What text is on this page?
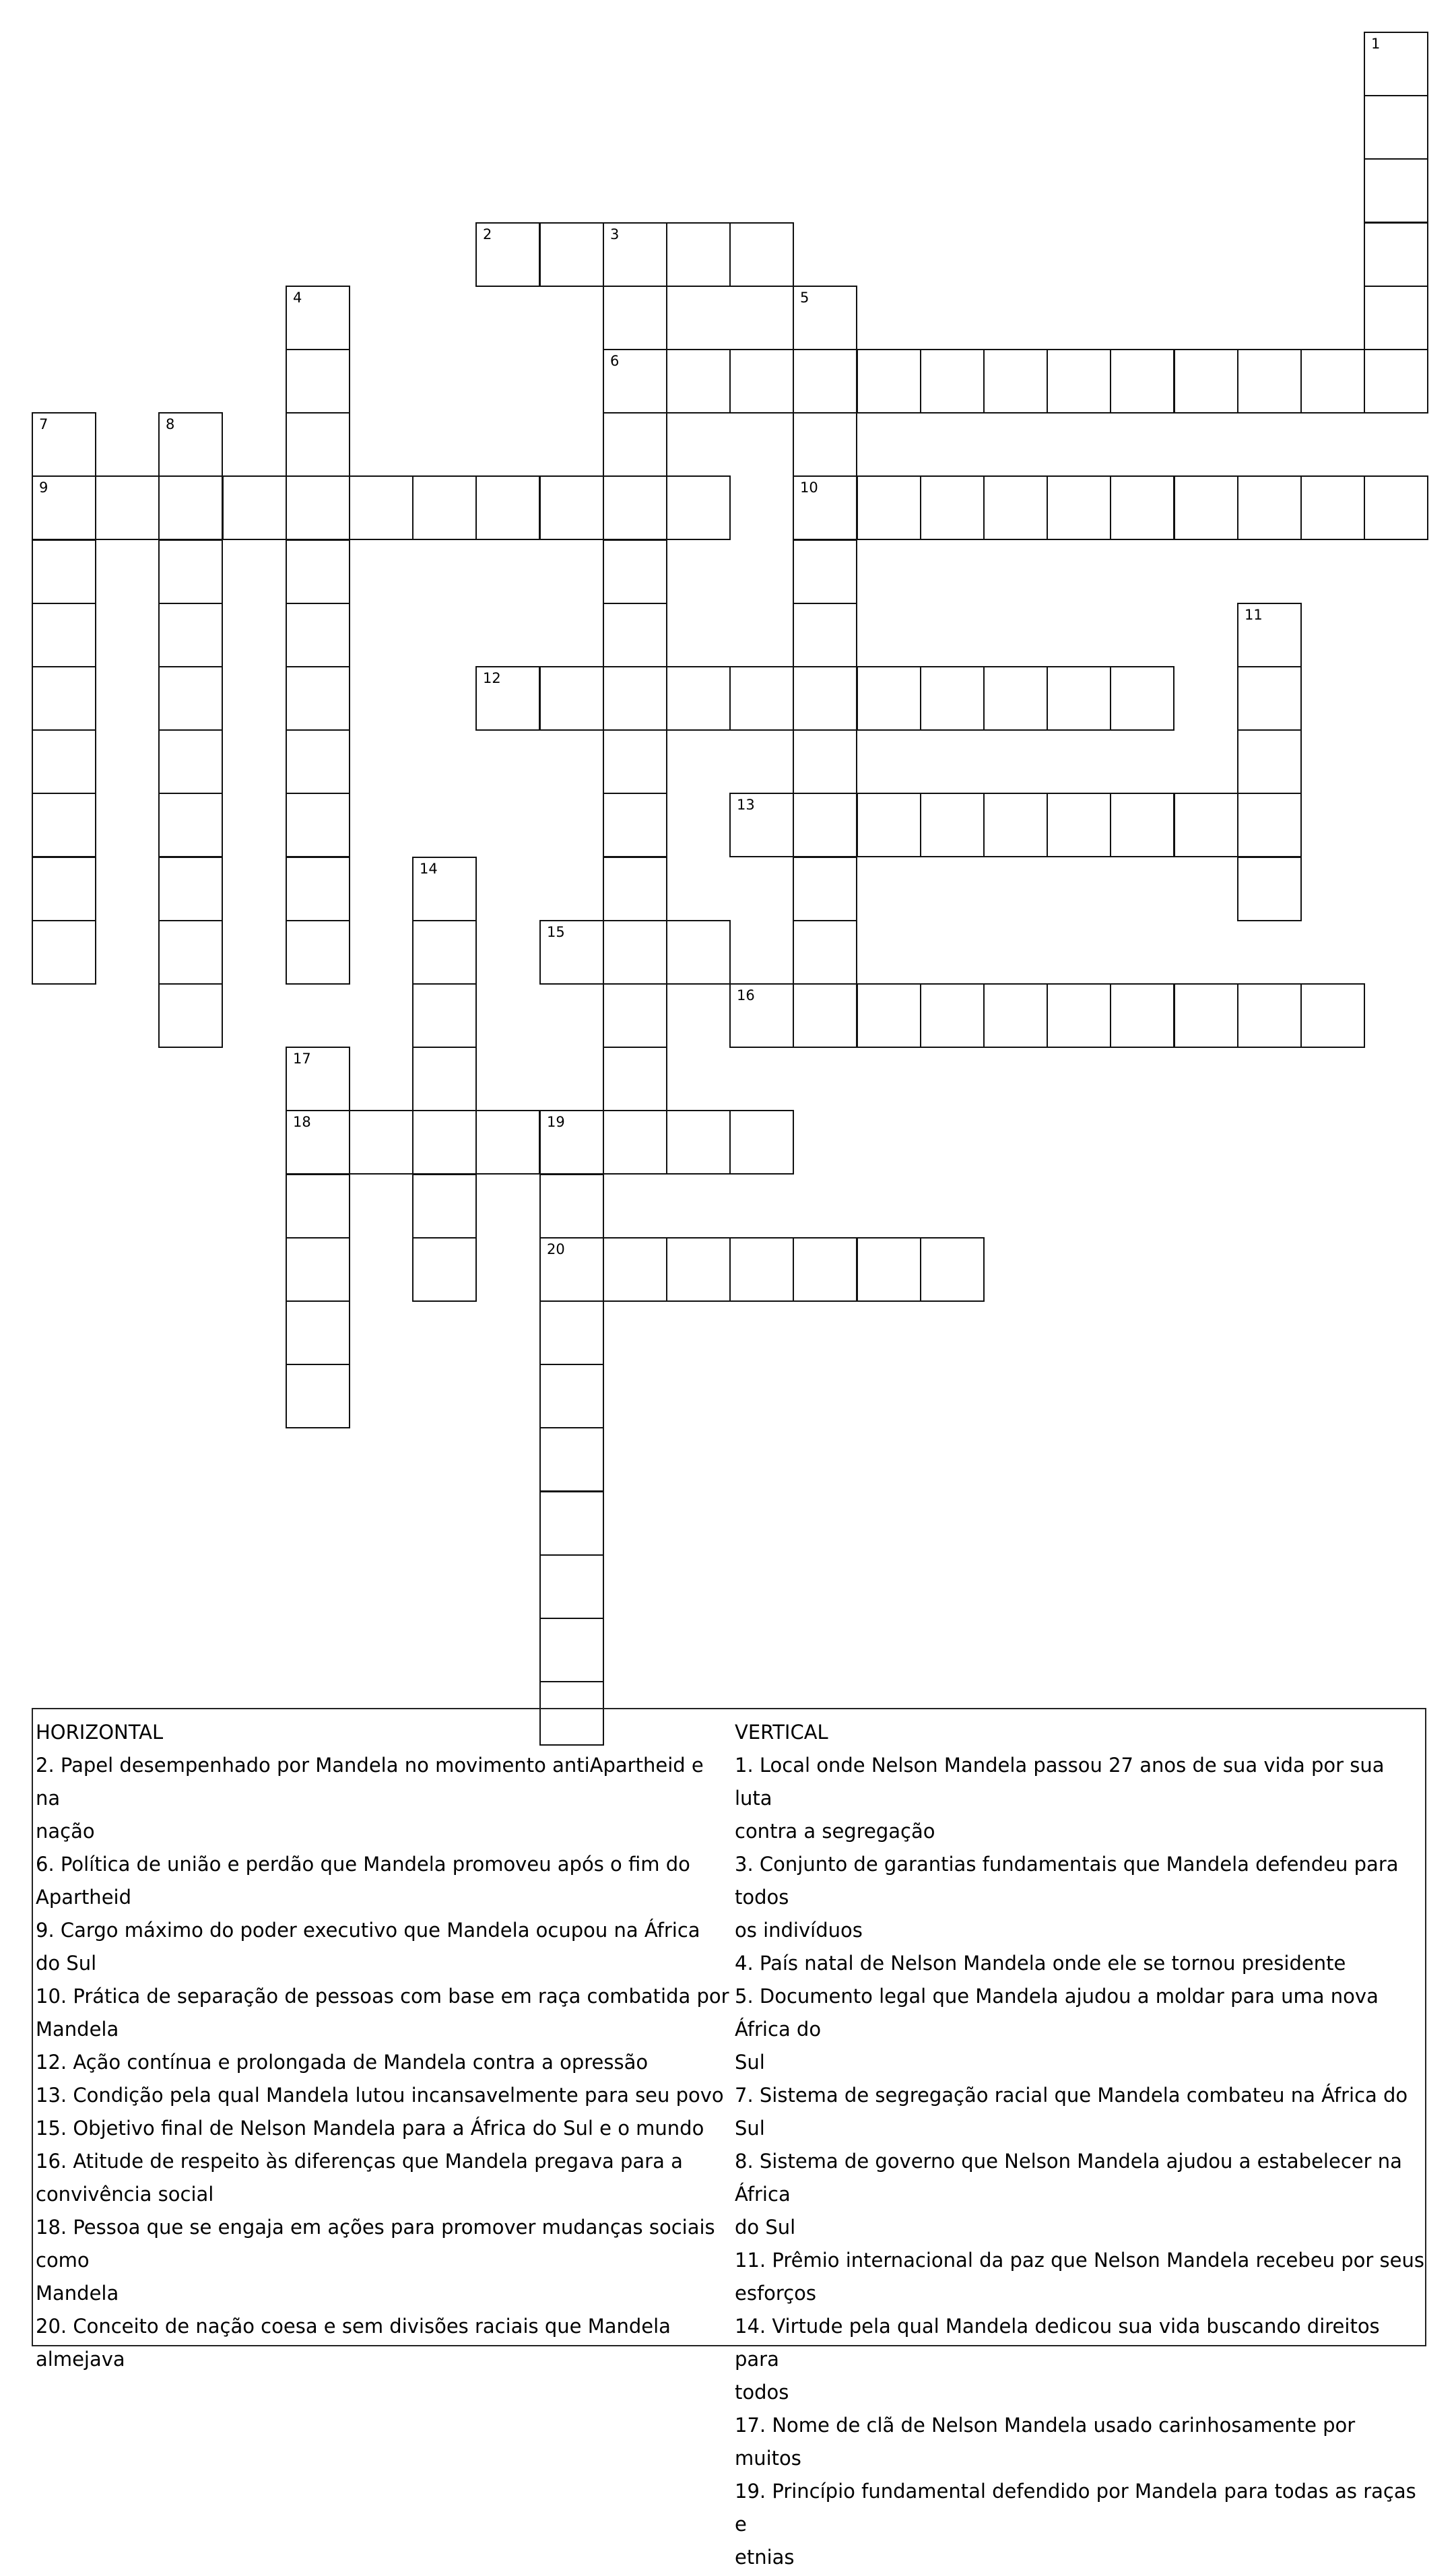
1
2	3
4	5
6
7	8
9	10
11
12
13
14
15
16
17
18	19
20

HORIZONTAL

2. Papel desempenhado por Mandela no movimento antiApartheid e na

nação

6. Política de união e perdão que Mandela promoveu após o fim do

Apartheid

9. Cargo máximo do poder executivo que Mandela ocupou na África do Sul

10. Prática de separação de pessoas com base em raça combatida por

Mandela

12. Ação contínua e prolongada de Mandela contra a opressão

13. Condição pela qual Mandela lutou incansavelmente para seu povo

15. Objetivo final de Nelson Mandela para a África do Sul e o mundo

16. Atitude de respeito às diferenças que Mandela pregava para a

convivência social

18. Pessoa que se engaja em ações para promover mudanças sociais como

Mandela

20. Conceito de nação coesa e sem divisões raciais que Mandela almejava

VERTICAL

1. Local onde Nelson Mandela passou 27 anos de sua vida por sua luta

contra a segregação

3. Conjunto de garantias fundamentais que Mandela defendeu para todos

os indivíduos

4. País natal de Nelson Mandela onde ele se tornou presidente

5. Documento legal que Mandela ajudou a moldar para uma nova África do

Sul

7. Sistema de segregação racial que Mandela combateu na África do Sul

8. Sistema de governo que Nelson Mandela ajudou a estabelecer na África

do Sul

11. Prêmio internacional da paz que Nelson Mandela recebeu por seus

esforços

14. Virtude pela qual Mandela dedicou sua vida buscando direitos para

todos

17. Nome de clã de Nelson Mandela usado carinhosamente por muitos

19. Princípio fundamental defendido por Mandela para todas as raças e

etnias
